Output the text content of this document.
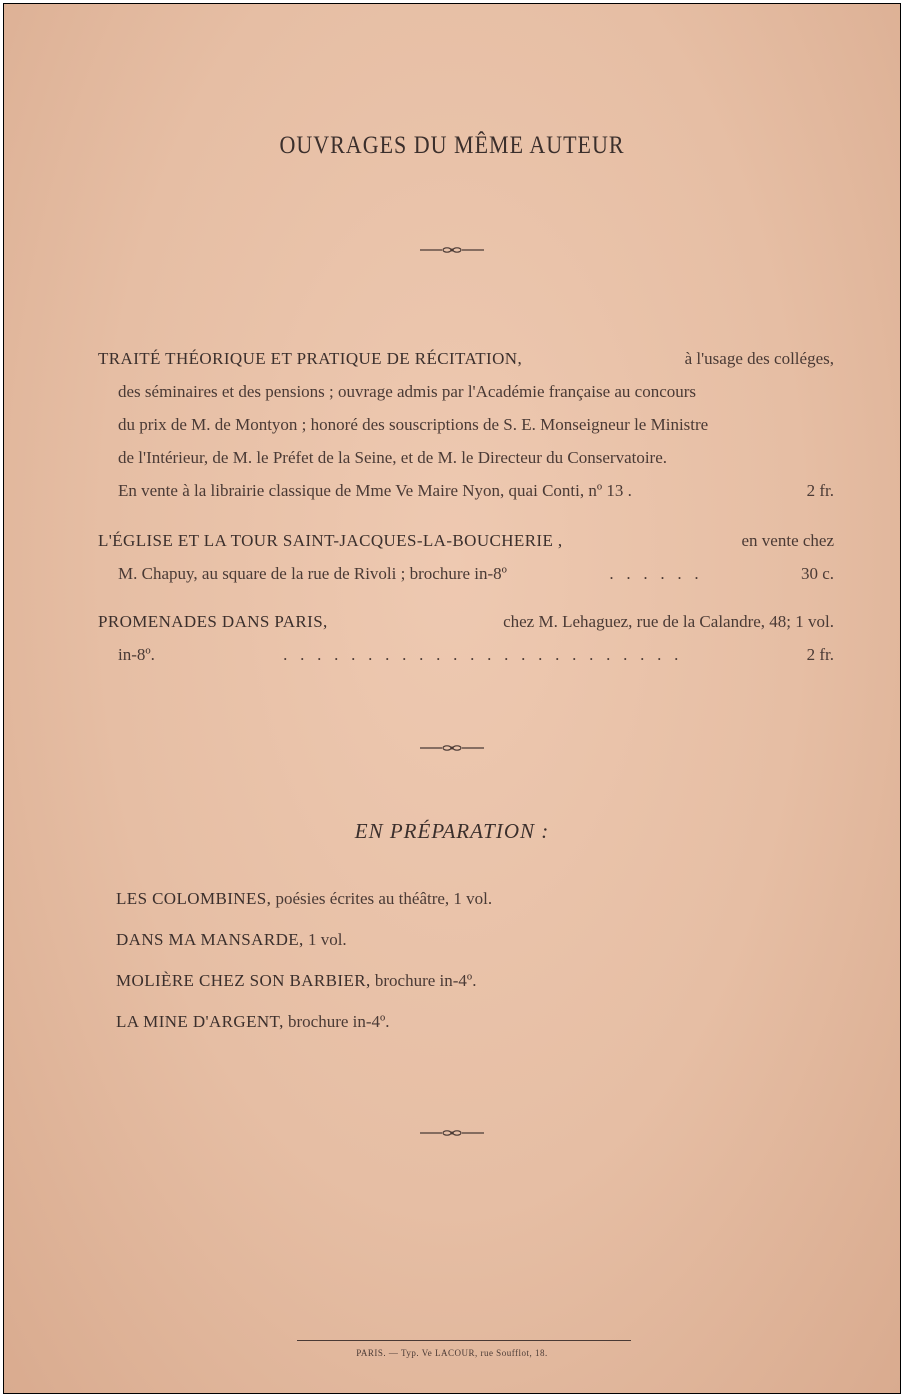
OUVRAGES DU MÊME AUTEUR
TRAITÉ THÉORIQUE ET PRATIQUE DE RÉCITATION,	à l'usage des colléges,
des séminaires et des pensions ; ouvrage admis par l'Académie française au concours
du prix de M. de Montyon ; honoré des souscriptions de S. E. Monseigneur le Ministre
de l'Intérieur, de M. le Préfet de la Seine, et de M. le Directeur du Conservatoire.
En vente à la librairie classique de Mme Ve Maire Nyon, quai Conti, nº 13 .	2 fr.
L'ÉGLISE ET LA TOUR SAINT-JACQUES-LA-BOUCHERIE ,	en vente chez
M. Chapuy, au square de la rue de Rivoli ; brochure in-8º	.   .   .   .   .   .	30 c.
PROMENADES DANS PARIS,	chez M. Lehaguez, rue de la Calandre, 48; 1 vol.
in-8º.	.   .   .   .   .   .   .   .   .   .   .   .   .   .   .   .   .   .   .   .   .   .   .   .	2 fr.
EN PRÉPARATION :
LES COLOMBINES, poésies écrites au théâtre, 1 vol.
DANS MA MANSARDE, 1 vol.
MOLIÈRE CHEZ SON BARBIER, brochure in-4º.
LA MINE D'ARGENT, brochure in-4º.
PARIS. — Typ. Ve LACOUR, rue Soufflot, 18.
